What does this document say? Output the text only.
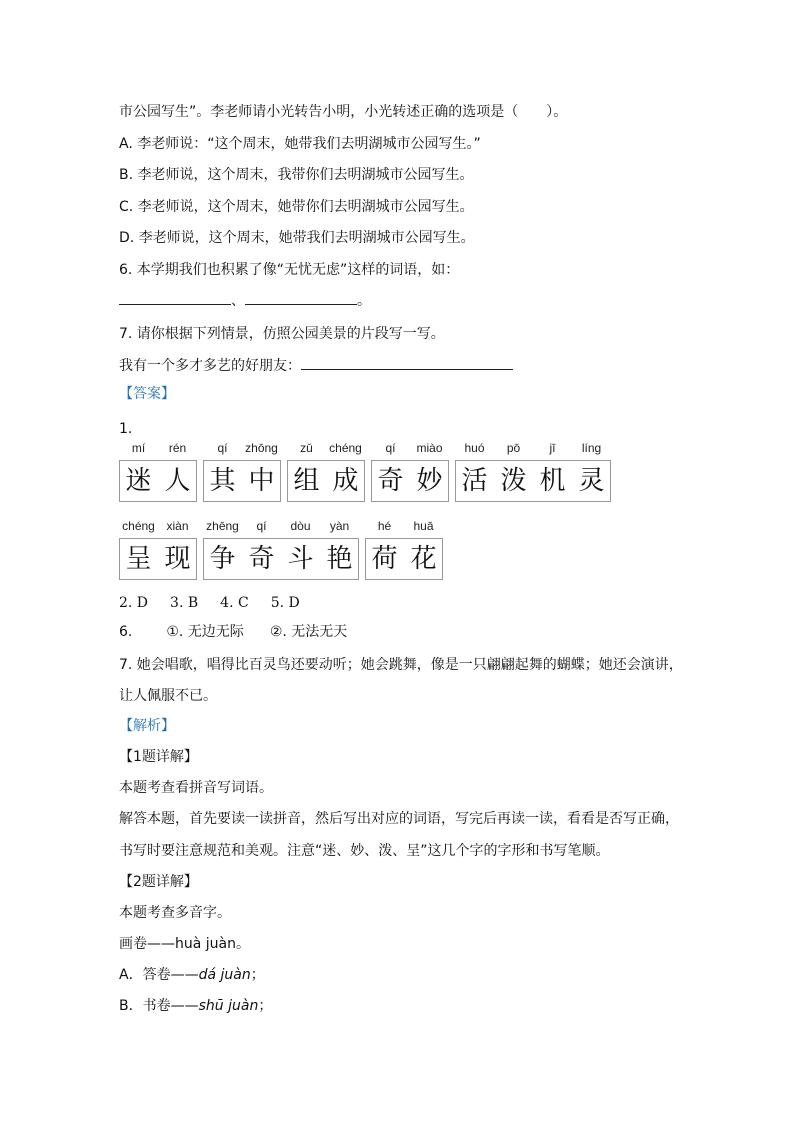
市公园写生”。李老师请小光转告小明，小光转述正确的选项是（　　）。
A. 李老师说：“这个周末，她带我们去明湖城市公园写生。”
B. 李老师说，这个周末，我带你们去明湖城市公园写生。
C. 李老师说，这个周末，她带你们去明湖城市公园写生。
D. 李老师说，这个周末，她带我们去明湖城市公园写生。
6. 本学期我们也积累了像“无忧无虑”这样的词语，如：
、	。
7. 请你根据下列情景，仿照公园美景的片段写一写。
我有一个多才多艺的好朋友：
【答案】
1.
mí
迷
rén
人
qí
其
zhōng
中
zǔ
组
chéng
成
qí
奇
miào
妙
huó
活
pō
泼
jī
机
líng
灵
chéng
呈
xiàn
现
zhēng
争
qí
奇
dòu
斗
yàn
艳
hé
荷
huā
花
2. D 3. B 4. C 5. D
6. ①. 无边无际 ②. 无法无天
7. 她会唱歌，唱得比百灵鸟还要动听；她会跳舞，像是一只翩翩起舞的蝴蝶；她还会演讲，
让人佩服不已。
【解析】
【1题详解】
本题考查看拼音写词语。
解答本题，首先要读一读拼音，然后写出对应的词语，写完后再读一读，看看是否写正确，
书写时要注意规范和美观。注意“迷、妙、泼、呈”这几个字的字形和书写笔顺。
【2题详解】
本题考查多音字。
画卷——huà juàn。
A．答卷——dá juàn；
B．书卷——shū juàn；
